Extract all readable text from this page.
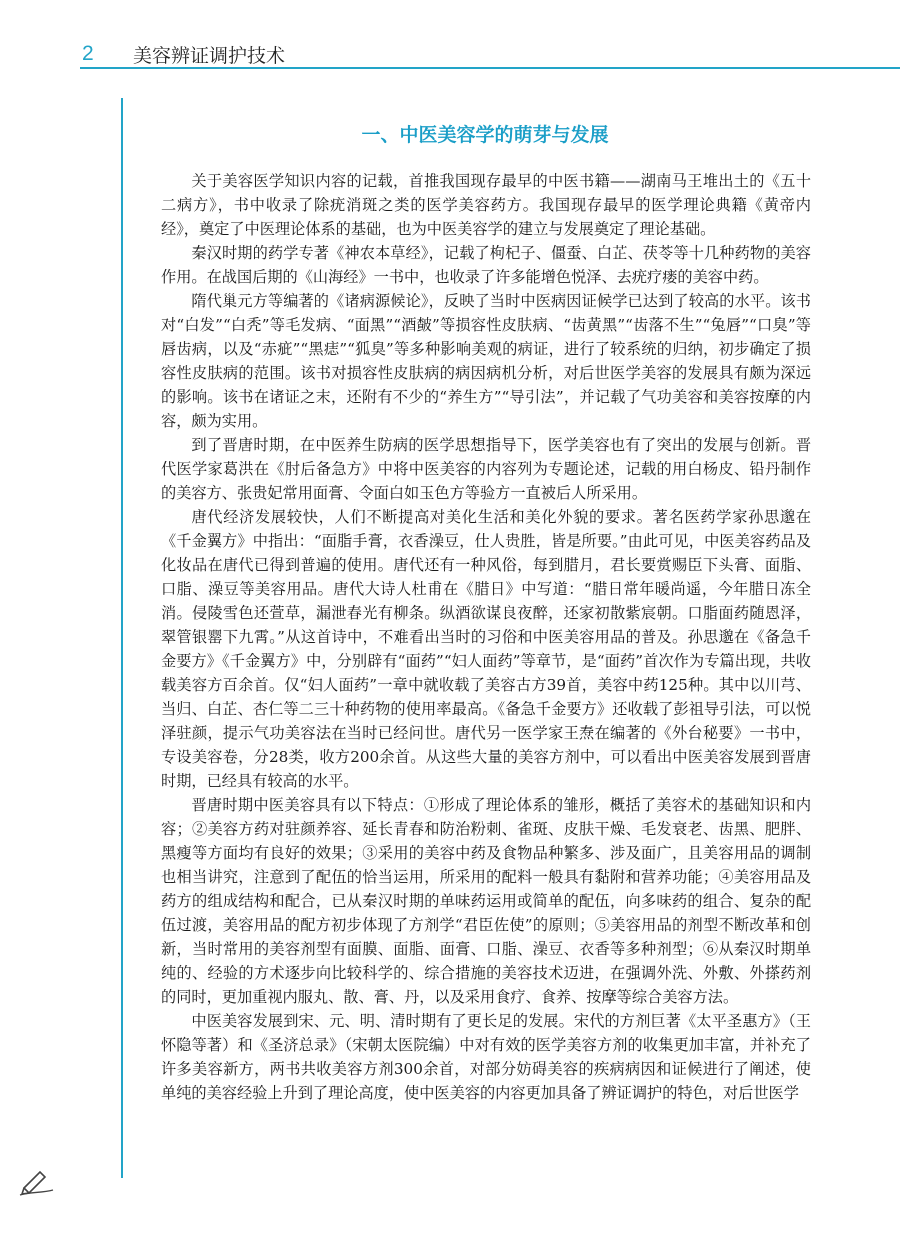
2 美容辨证调护技术
一、中医美容学的萌芽与发展

关于美容医学知识内容的记载，首推我国现存最早的中医书籍——湖南马王堆出土的《五十二病方》，书中收录了除疣消斑之类的医学美容药方。我国现存最早的医学理论典籍《黄帝内经》，奠定了中医理论体系的基础，也为中医美容学的建立与发展奠定了理论基础。

秦汉时期的药学专著《神农本草经》，记载了枸杞子、僵蚕、白芷、茯苓等十几种药物的美容作用。在战国后期的《山海经》一书中，也收录了许多能增色悦泽、去疣疗瘘的美容中药。

隋代巢元方等编著的《诸病源候论》，反映了当时中医病因证候学已达到了较高的水平。该书对“白发”“白秃”等毛发病、“面黑”“酒皶”等损容性皮肤病、“齿黄黑”“齿落不生”“兔唇”“口臭”等唇齿病，以及“赤疵”“黑痣”“狐臭”等多种影响美观的病证，进行了较系统的归纳，初步确定了损容性皮肤病的范围。该书对损容性皮肤病的病因病机分析，对后世医学美容的发展具有颇为深远的影响。该书在诸证之末，还附有不少的“养生方”“导引法”，并记载了气功美容和美容按摩的内容，颇为实用。

到了晋唐时期，在中医养生防病的医学思想指导下，医学美容也有了突出的发展与创新。晋代医学家葛洪在《肘后备急方》中将中医美容的内容列为专题论述，记载的用白杨皮、铅丹制作的美容方、张贵妃常用面膏、令面白如玉色方等验方一直被后人所采用。

唐代经济发展较快，人们不断提高对美化生活和美化外貌的要求。著名医药学家孙思邈在《千金翼方》中指出：“面脂手膏，衣香澡豆，仕人贵胜，皆是所要。”由此可见，中医美容药品及化妆品在唐代已得到普遍的使用。唐代还有一种风俗，每到腊月，君长要赏赐臣下头膏、面脂、口脂、澡豆等美容用品。唐代大诗人杜甫在《腊日》中写道：“腊日常年暖尚遥，今年腊日冻全消。侵陵雪色还萱草，漏泄春光有柳条。纵酒欲谋良夜醉，还家初散紫宸朝。口脂面药随恩泽，翠管银罂下九霄。”从这首诗中，不难看出当时的习俗和中医美容用品的普及。孙思邈在《备急千金要方》《千金翼方》中，分别辟有“面药”“妇人面药”等章节，是“面药”首次作为专篇出现，共收载美容方百余首。仅“妇人面药”一章中就收载了美容古方39首，美容中药125种。其中以川芎、当归、白芷、杏仁等二三十种药物的使用率最高。《备急千金要方》还收载了彭祖导引法，可以悦泽驻颜，提示气功美容法在当时已经问世。唐代另一医学家王焘在编著的《外台秘要》一书中，专设美容卷，分28类，收方200余首。从这些大量的美容方剂中，可以看出中医美容发展到晋唐时期，已经具有较高的水平。

晋唐时期中医美容具有以下特点：①形成了理论体系的雏形，概括了美容术的基础知识和内容；②美容方药对驻颜养容、延长青春和防治粉刺、雀斑、皮肤干燥、毛发衰老、齿黑、肥胖、黑瘦等方面均有良好的效果；③采用的美容中药及食物品种繁多、涉及面广，且美容用品的调制也相当讲究，注意到了配伍的恰当运用，所采用的配料一般具有黏附和营养功能；④美容用品及药方的组成结构和配合，已从秦汉时期的单味药运用或简单的配伍，向多味药的组合、复杂的配伍过渡，美容用品的配方初步体现了方剂学“君臣佐使”的原则；⑤美容用品的剂型不断改革和创新，当时常用的美容剂型有面膜、面脂、面膏、口脂、澡豆、衣香等多种剂型；⑥从秦汉时期单纯的、经验的方术逐步向比较科学的、综合措施的美容技术迈进，在强调外洗、外敷、外搽药剂的同时，更加重视内服丸、散、膏、丹，以及采用食疗、食养、按摩等综合美容方法。

中医美容发展到宋、元、明、清时期有了更长足的发展。宋代的方剂巨著《太平圣惠方》（王怀隐等著）和《圣济总录》（宋朝太医院编）中对有效的医学美容方剂的收集更加丰富，并补充了许多美容新方，两书共收美容方剂300余首，对部分妨碍美容的疾病病因和证候进行了阐述，使单纯的美容经验上升到了理论高度，使中医美容的内容更加具备了辨证调护的特色，对后世医学
